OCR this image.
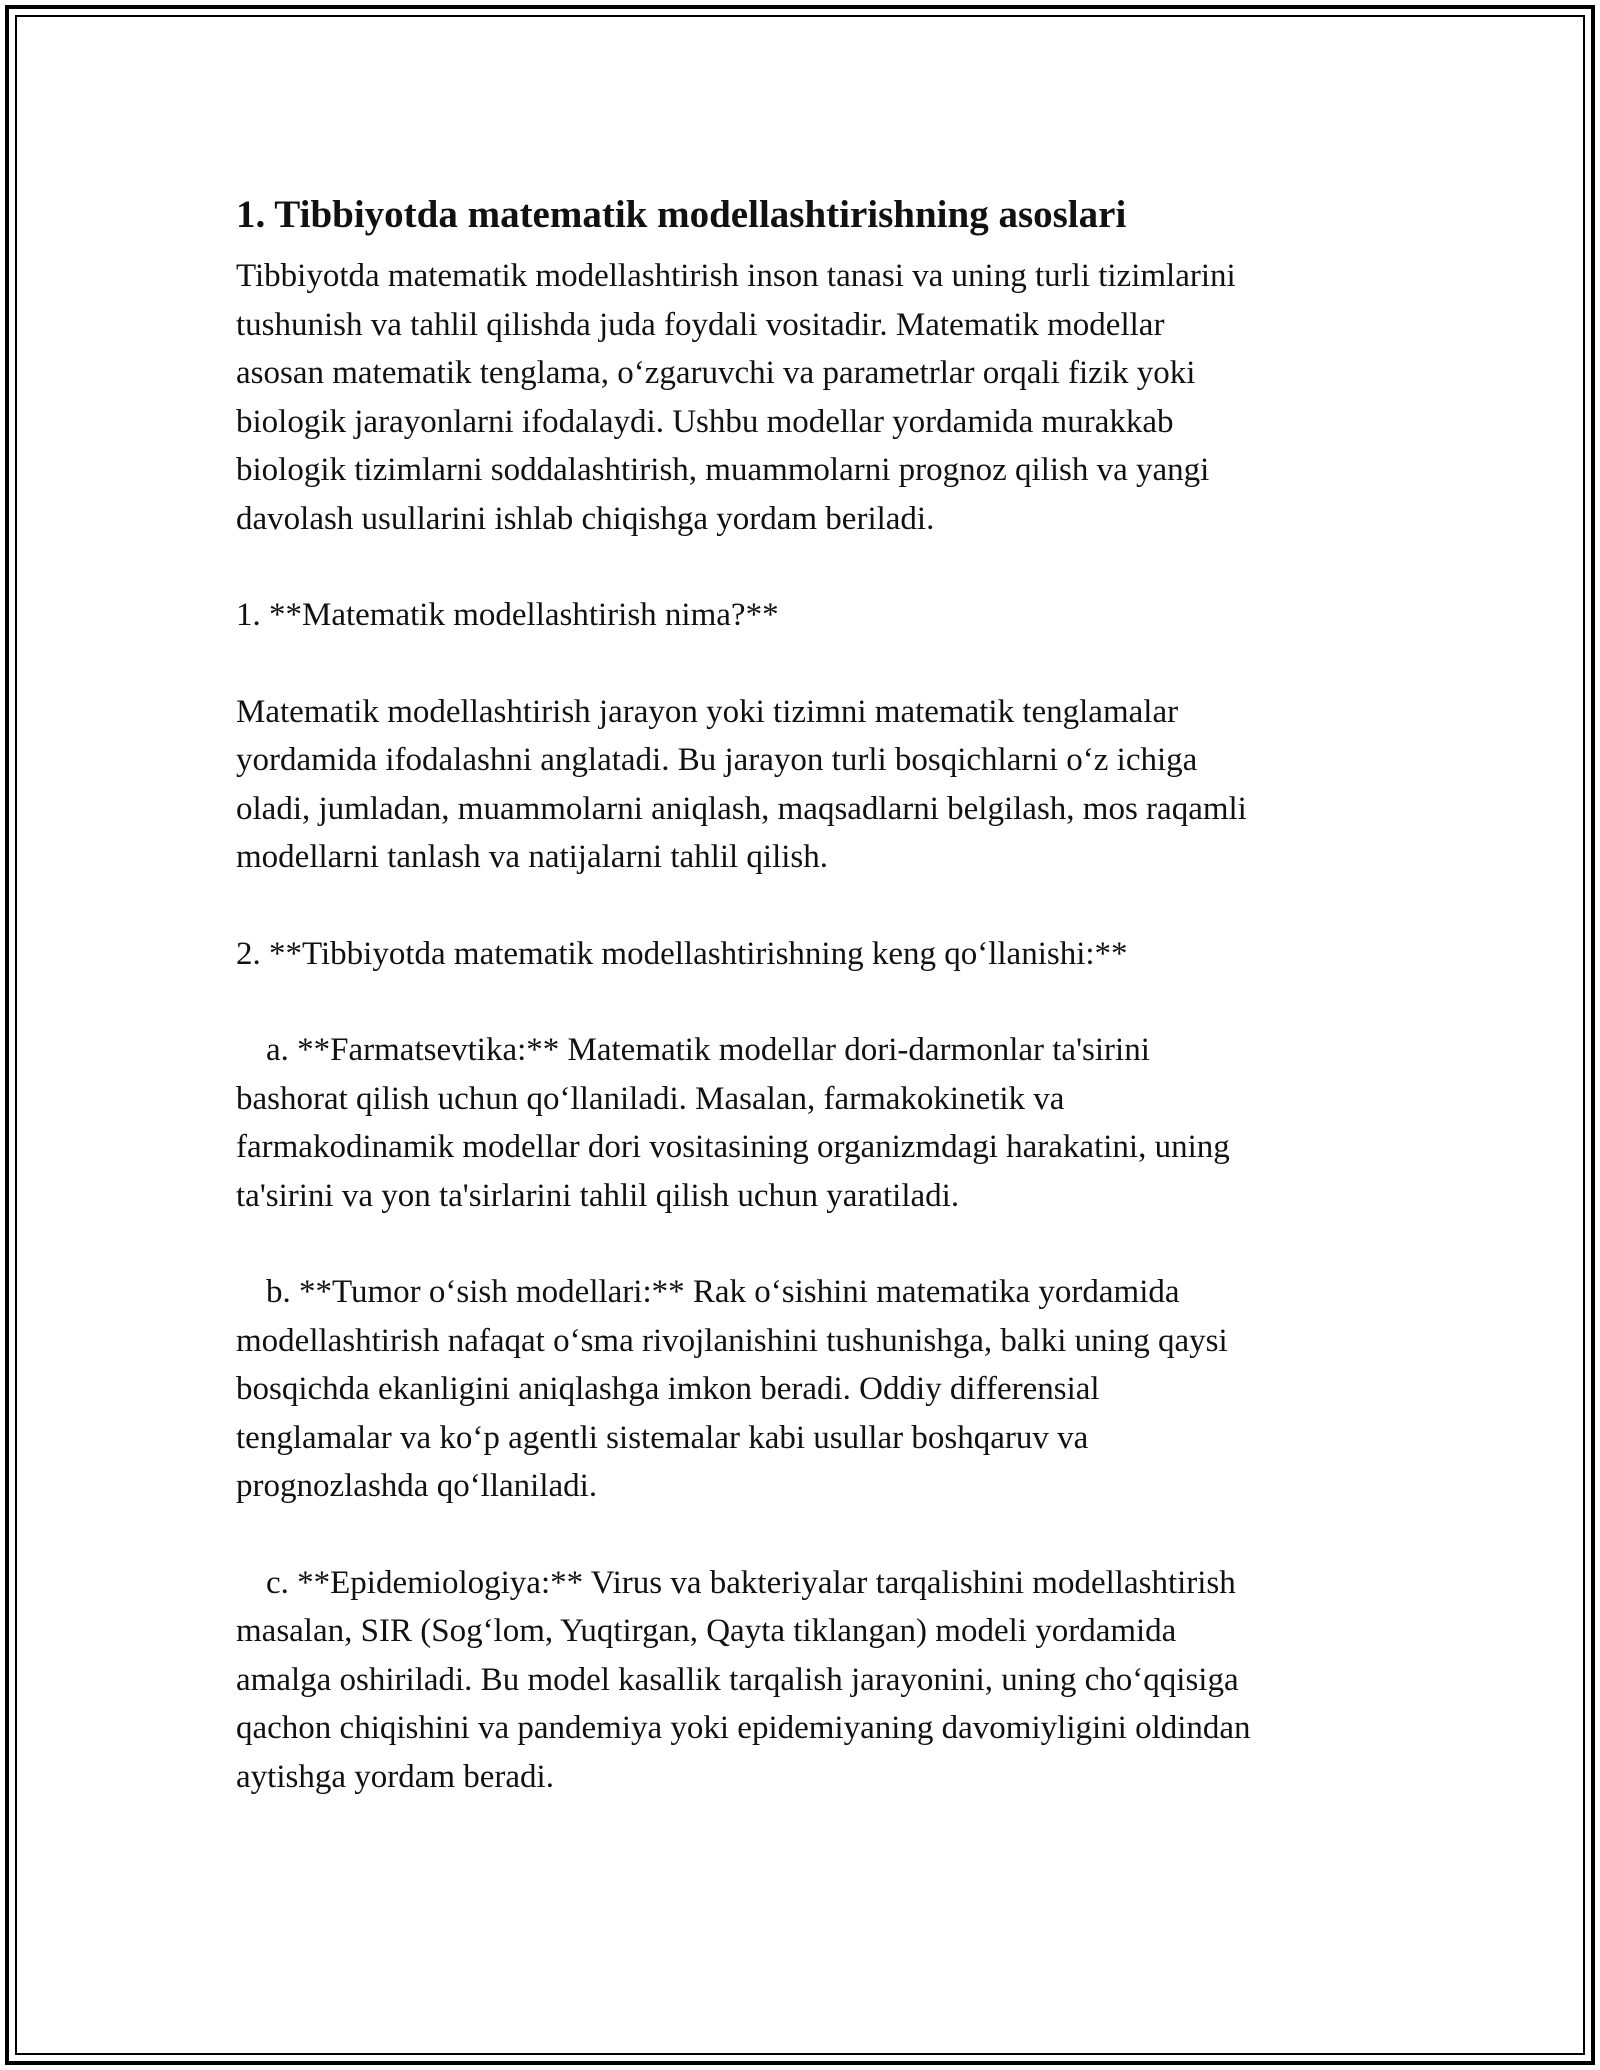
1. Tibbiyotda matematik modellashtirishning asoslari
Tibbiyotda matematik modellashtirish inson tanasi va uning turli tizimlarini
tushunish va tahlil qilishda juda foydali vositadir. Matematik modellar
asosan matematik tenglama, o‘zgaruvchi va parametrlar orqali fizik yoki
biologik jarayonlarni ifodalaydi. Ushbu modellar yordamida murakkab
biologik tizimlarni soddalashtirish, muammolarni prognoz qilish va yangi
davolash usullarini ishlab chiqishga yordam beriladi.
1. **Matematik modellashtirish nima?**
Matematik modellashtirish jarayon yoki tizimni matematik tenglamalar
yordamida ifodalashni anglatadi. Bu jarayon turli bosqichlarni o‘z ichiga
oladi, jumladan, muammolarni aniqlash, maqsadlarni belgilash, mos raqamli
modellarni tanlash va natijalarni tahlil qilish.
2. **Tibbiyotda matematik modellashtirishning keng qo‘llanishi:**
a. **Farmatsevtika:** Matematik modellar dori-darmonlar ta'sirini
bashorat qilish uchun qo‘llaniladi. Masalan, farmakokinetik va
farmakodinamik modellar dori vositasining organizmdagi harakatini, uning
ta'sirini va yon ta'sirlarini tahlil qilish uchun yaratiladi.
b. **Tumor o‘sish modellari:** Rak o‘sishini matematika yordamida
modellashtirish nafaqat o‘sma rivojlanishini tushunishga, balki uning qaysi
bosqichda ekanligini aniqlashga imkon beradi. Oddiy differensial
tenglamalar va ko‘p agentli sistemalar kabi usullar boshqaruv va
prognozlashda qo‘llaniladi.
c. **Epidemiologiya:** Virus va bakteriyalar tarqalishini modellashtirish
masalan, SIR (Sog‘lom, Yuqtirgan, Qayta tiklangan) modeli yordamida
amalga oshiriladi. Bu model kasallik tarqalish jarayonini, uning cho‘qqisiga
qachon chiqishini va pandemiya yoki epidemiyaning davomiyligini oldindan
aytishga yordam beradi.
